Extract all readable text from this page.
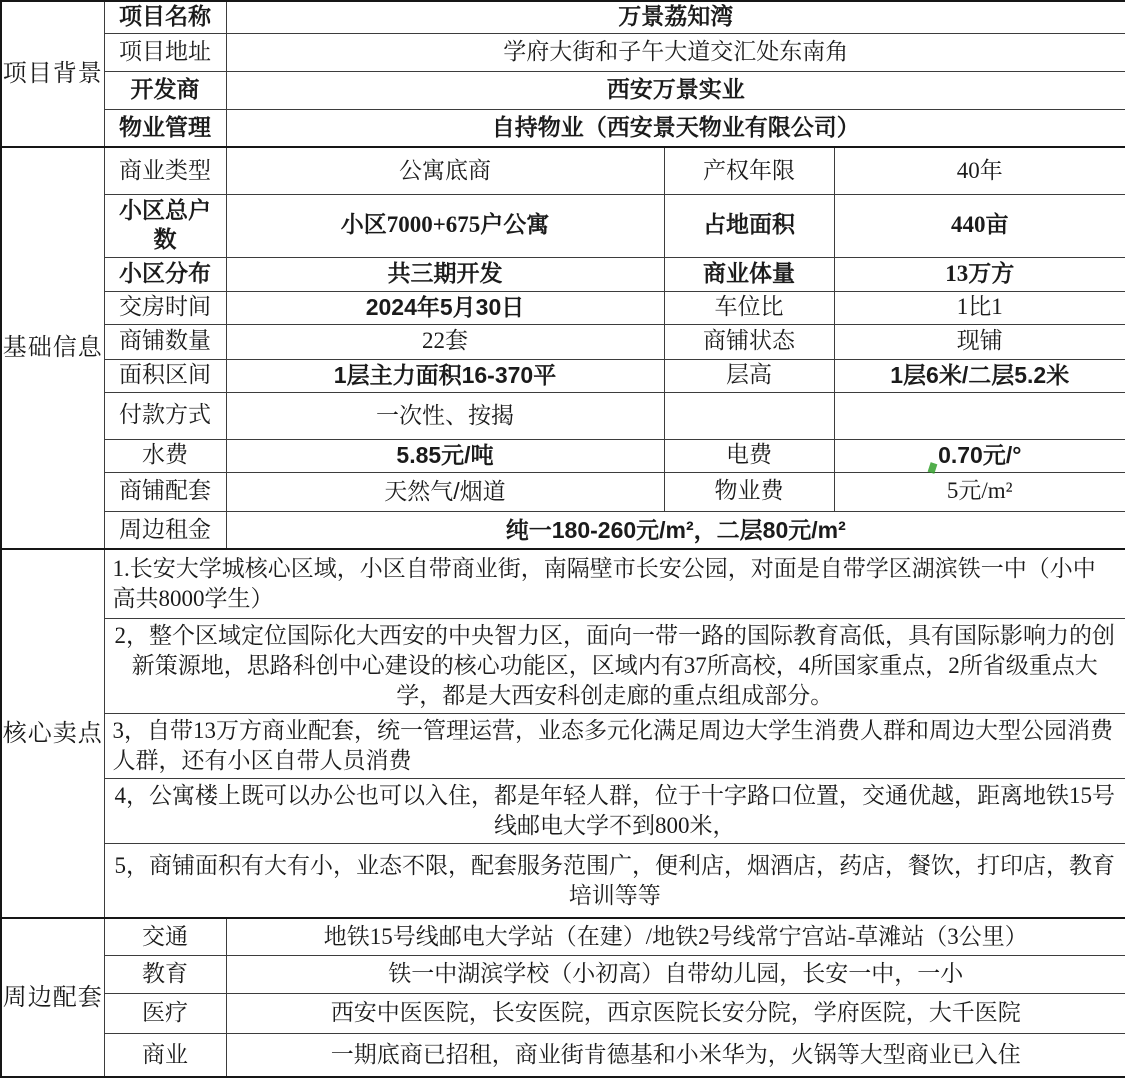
项目背景	项目名称	万景荔知湾		
	项目地址	学府大街和子午大道交汇处东南角		
	开发商	西安万景实业		
	物业管理	自持物业（西安景天物业有限公司）		
基础信息	商业类型	公寓底商	产权年限	40年
	小区总户数	小区7000+675户公寓	占地面积	440亩
	小区分布	共三期开发	商业体量	13万方
	交房时间	2024年5月30日	车位比	1比1
	商铺数量	22套	商铺状态	现铺
	面积区间	1层主力面积16-370平	层高	1层6米/二层5.2米
	付款方式	一次性、按揭		
	水费	5.85元/吨	电费	0.70元/°
	商铺配套	天然气/烟道	物业费	5元/m²
	周边租金	纯一180-260元/m²，二层80元/m²		
核心卖点	1.长安大学城核心区域，小区自带商业街，南隔壁市长安公园，对面是自带学区湖滨铁一中（小中高共8000学生）			
	2，整个区域定位国际化大西安的中央智力区，面向一带一路的国际教育高低，具有国际影响力的创新策源地，思路科创中心建设的核心功能区，区域内有37所高校，4所国家重点，2所省级重点大学，都是大西安科创走廊的重点组成部分。			
	3，自带13万方商业配套，统一管理运营，业态多元化满足周边大学生消费人群和周边大型公园消费人群，还有小区自带人员消费			
	4，公寓楼上既可以办公也可以入住，都是年轻人群，位于十字路口位置，交通优越，距离地铁15号线邮电大学不到800米，			
	5，商铺面积有大有小，业态不限，配套服务范围广，便利店，烟酒店，药店，餐饮，打印店，教育培训等等			
周边配套	交通	地铁15号线邮电大学站（在建）/地铁2号线常宁宫站-草滩站（3公里）		
	教育	铁一中湖滨学校（小初高）自带幼儿园，长安一中，一小		
	医疗	西安中医医院，长安医院，西京医院长安分院，学府医院，大千医院		
	商业	一期底商已招租，商业街肯德基和小米华为，火锅等大型商业已入住		
